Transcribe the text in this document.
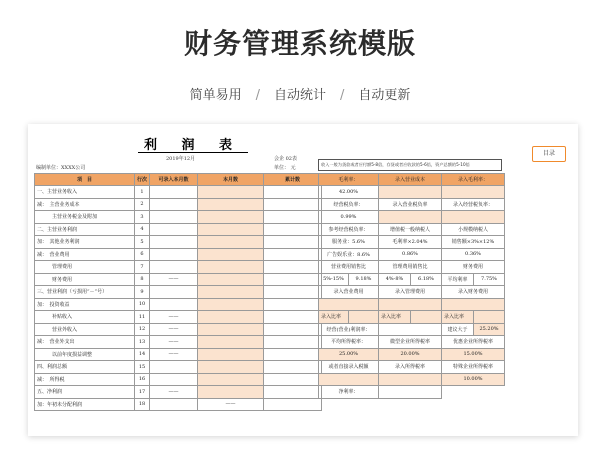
财务管理系统模版
简单易用 / 自动统计 / 自动更新
利 润 表
2019年12月
编制单位：XXXX公司
会企 02表
单位： 元
收入一般为货款或者应付额5-8倍，存货或者应收款的5-6倍，资产总额的5-10倍
目录
项　目	行次	可录入本月数	本月数	累计数
一、主营业务收入	1			
减：　主营业务成本	2			
　　　主营业务税金及附加	3			
二、主营业务利润	4			
加：　其他业务利润	5			
减：　营业费用	6			
　　　管理费用	7			
　　　财务费用	8	——		
三、营业利润（亏损用“－”号）	9			
加：　投资收益	10			
　　　补贴收入	11	——		
　　　营业外收入	12	——		
减：　营业外支出	13	——		
　　　以前年度损益调整	14	——		
四、利润总额	15			
减：　所得税	16			
五、净利润	17	——		
加：年初未分配利润	18		——	
毛利率：		录入营业成本		录入毛利率：	
42.00%					
经营税负率：		录入营业税负率		录入经营税负率：	
0.99%					
参考经营税负率：		增值税一般纳税人		小规模纳税人	
服务业：5.6%		毛利率×2.04%		销售额×3%×12%	
广告娱乐业：8.6%		0.86%		0.36%	
营业费用销售比		管理费用销售比		财务费用	
5%-15%	9.18%	4%-8%	6.18%	平均利率	7.75%
录入营业费用		录入管理费用		录入财务费用	

录入比率		录入比率		录入比率	
经营(营业)利润率：				建议大于	25.20%
平均所得税率：		微型企业所得税率		优惠企业所得税率	
25.00%		20.00%		15.00%	
或者直接录入税额		录入所得税率		特殊企业所得税率	
				10.00%	
净利率：					
